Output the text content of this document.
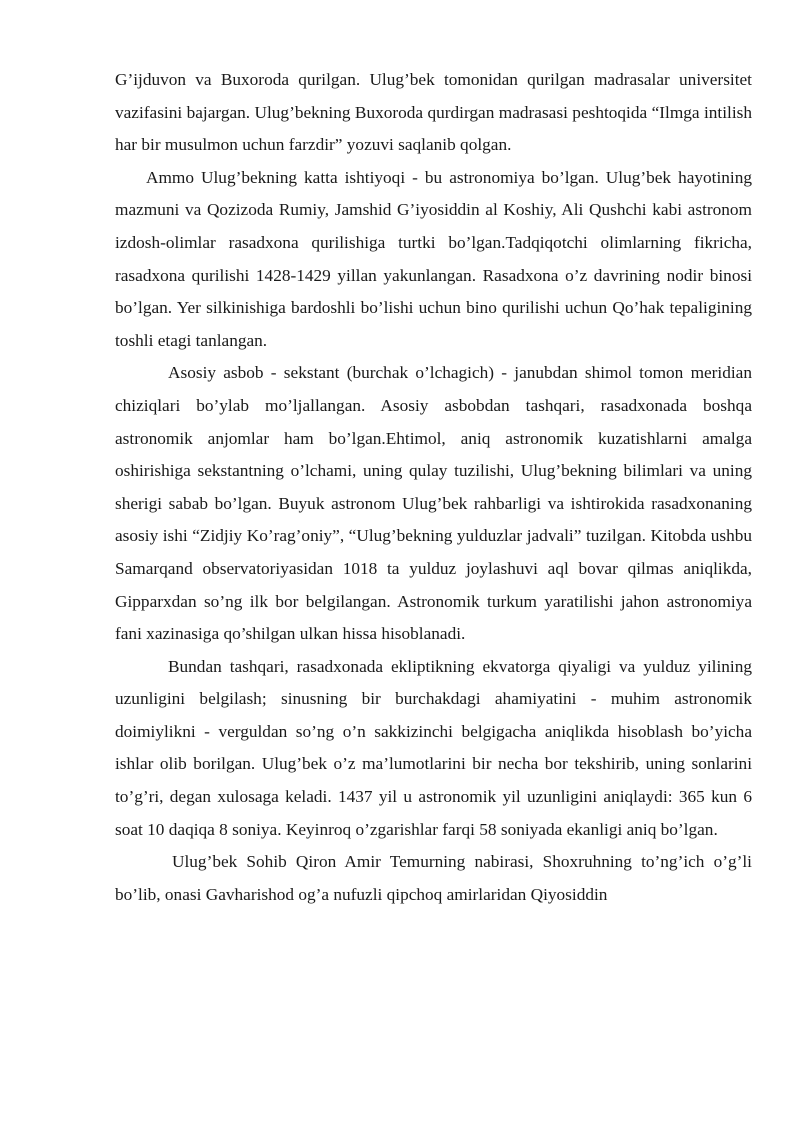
G’ijduvon va Buxoroda qurilgan. Ulug’bek tomonidan qurilgan madrasalar universitet vazifasini bajargan. Ulug’bekning Buxoroda qurdirgan madrasasi peshtoqida “Ilmga intilish har bir musulmon uchun farzdir” yozuvi saqlanib qolgan.

Ammo Ulug’bekning katta ishtiyoqi - bu astronomiya bo’lgan. Ulug’bek hayotining mazmuni va Qozizoda Rumiy, Jamshid G’iyosiddin al Koshiy, Ali Qushchi kabi astronom izdosh-olimlar rasadxona qurilishiga turtki bo’lgan.Tadqiqotchi olimlarning fikricha, rasadxona qurilishi 1428-1429 yillan yakunlangan. Rasadxona o’z davrining nodir binosi bo’lgan. Yer silkinishiga bardoshli bo’lishi uchun bino qurilishi uchun Qo’hak tepaligining toshli etagi tanlangan.

Asosiy asbob - sekstant (burchak o’lchagich) - janubdan shimol tomon meridian chiziqlari bo’ylab mo’ljallangan. Asosiy asbobdan tashqari, rasadxonada boshqa astronomik anjomlar ham bo’lgan.Ehtimol, aniq astronomik kuzatishlarni amalga oshirishiga sekstantning o’lchami, uning qulay tuzilishi, Ulug’bekning bilimlari va uning sherigi sabab bo’lgan. Buyuk astronom Ulug’bek rahbarligi va ishtirokida rasadxonaning asosiy ishi “Zidjiy Ko’rag’oniy”, “Ulug’bekning yulduzlar jadvali” tuzilgan. Kitobda ushbu Samarqand observatoriyasidan 1018 ta yulduz joylashuvi aql bovar qilmas aniqlikda, Gipparxdan so’ng ilk bor belgilangan. Astronomik turkum yaratilishi jahon astronomiya fani xazinasiga qo’shilgan ulkan hissa hisoblanadi.

Bundan tashqari, rasadxonada ekliptikning ekvatorga qiyaligi va yulduz yilining uzunligini belgilash; sinusning bir burchakdagi ahamiyatini - muhim astronomik doimiylikni - verguldan so’ng o’n sakkizinchi belgigacha aniqlikda hisoblash bo’yicha ishlar olib borilgan. Ulug’bek o’z ma’lumotlarini bir necha bor tekshirib, uning sonlarini to’g’ri, degan xulosaga keladi. 1437 yil u astronomik yil uzunligini aniqlaydi: 365 kun 6 soat 10 daqiqa 8 soniya. Keyinroq o’zgarishlar farqi 58 soniyada ekanligi aniq bo’lgan.

Ulug’bek Sohib Qiron Amir Temurning nabirasi, Shoxruhning to’ng’ich o’g’li bo’lib, onasi Gavharishod og’a nufuzli qipchoq amirlaridan Qiyosiddin
